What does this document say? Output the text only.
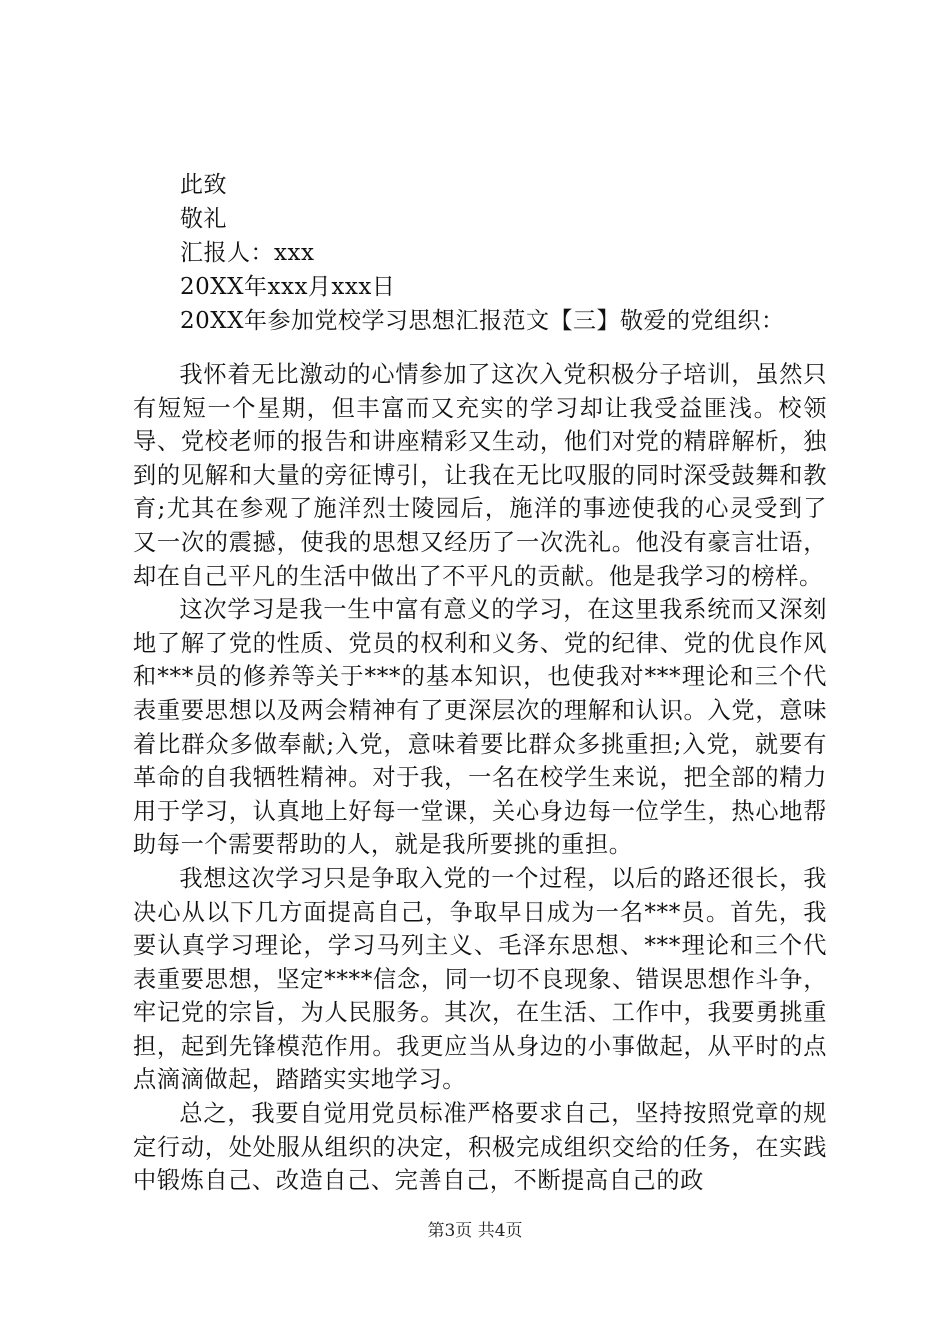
此致
敬礼
汇报人：xxx
20XX年xxx月xxx日
20XX年参加党校学习思想汇报范文【三】敬爱的党组织：

我怀着无比激动的心情参加了这次入党积极分子培训，虽然只有短短一个星期，但丰富而又充实的学习却让我受益匪浅。校领导、党校老师的报告和讲座精彩又生动，他们对党的精辟解析，独到的见解和大量的旁征博引，让我在无比叹服的同时深受鼓舞和教育;尤其在参观了施洋烈士陵园后，施洋的事迹使我的心灵受到了又一次的震撼，使我的思想又经历了一次洗礼。他没有豪言壮语，却在自己平凡的生活中做出了不平凡的贡献。他是我学习的榜样。

这次学习是我一生中富有意义的学习，在这里我系统而又深刻地了解了党的性质、党员的权利和义务、党的纪律、党的优良作风和***员的修养等关于***的基本知识，也使我对***理论和三个代表重要思想以及两会精神有了更深层次的理解和认识。入党，意味着比群众多做奉献;入党，意味着要比群众多挑重担;入党，就要有革命的自我牺牲精神。对于我，一名在校学生来说，把全部的精力用于学习，认真地上好每一堂课，关心身边每一位学生，热心地帮助每一个需要帮助的人，就是我所要挑的重担。

我想这次学习只是争取入党的一个过程，以后的路还很长，我决心从以下几方面提高自己，争取早日成为一名***员。首先，我要认真学习理论，学习马列主义、毛泽东思想、***理论和三个代表重要思想，坚定****信念，同一切不良现象、错误思想作斗争，牢记党的宗旨，为人民服务。其次，在生活、工作中，我要勇挑重担，起到先锋模范作用。我更应当从身边的小事做起，从平时的点点滴滴做起，踏踏实实地学习。

总之，我要自觉用党员标准严格要求自己，坚持按照党章的规定行动，处处服从组织的决定，积极完成组织交给的任务，在实践中锻炼自己、改造自己、完善自己，不断提高自己的政

第3页 共4页
